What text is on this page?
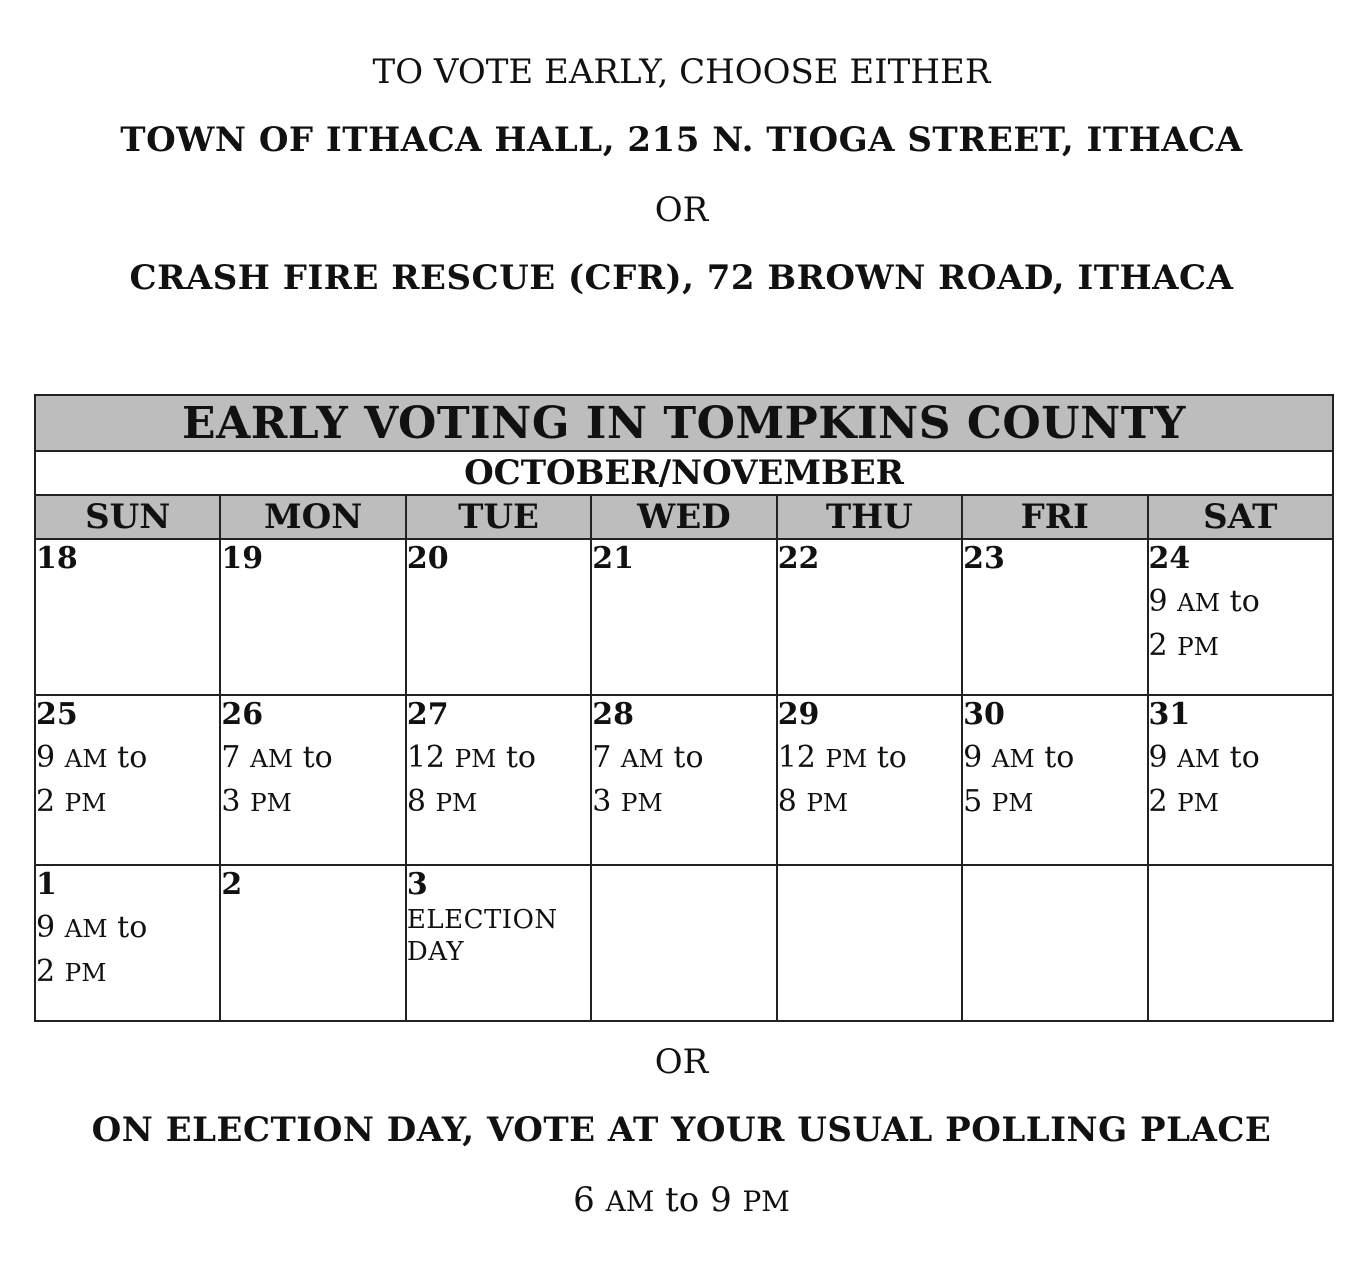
TO VOTE EARLY, CHOOSE EITHER
TOWN OF ITHACA HALL, 215 N. TIOGA STREET, ITHACA
OR
CRASH FIRE RESCUE (CFR), 72 BROWN ROAD, ITHACA
EARLY VOTING IN TOMPKINS COUNTY						
OCTOBER/NOVEMBER						
SUN	MON	TUE	WED	THU	FRI	SAT

18	19	20	21	22	23	24
9 AM to
2 PM

25
9 AM to
2 PM	26
7 AM to
3 PM	27
12 PM to
8 PM	28
7 AM to
3 PM	29
12 PM to
8 PM	30
9 AM to
5 PM	31
9 AM to
2 PM

1
9 AM to
2 PM	2	3
ELECTION
DAY				

OR
ON ELECTION DAY, VOTE AT YOUR USUAL POLLING PLACE
6 AM to 9 PM
